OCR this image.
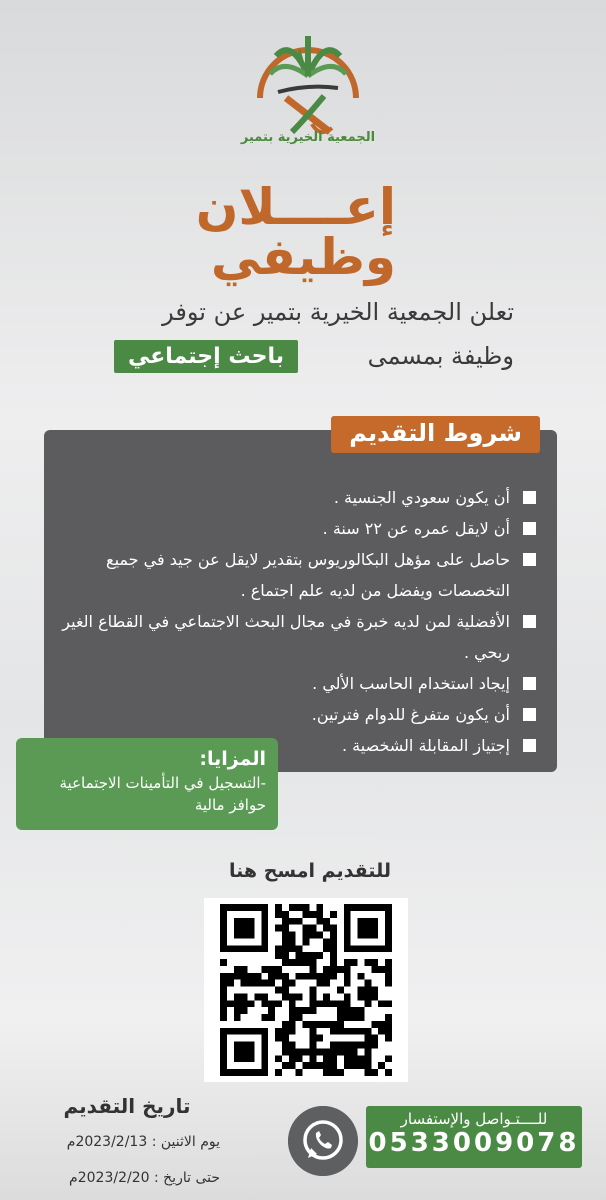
الجمعية الخيرية بتمير
إعــــلان
وظيفي
تعلن الجمعية الخيرية بتمير عن توفر
وظيفة بمسمى
باحث إجتماعي
شروط التقديم
أن يكون سعودي الجنسية .
أن لايقل عمره عن ٢٢ سنة .
حاصل على مؤهل البكالوريوس بتقدير لايقل عن جيد في جميع التخصصات ويفضل من لديه علم اجتماع .
الأفضلية لمن لديه خبرة في مجال البحث الاجتماعي في القطاع الغير ربحي .
إيجاد استخدام الحاسب الألي .
أن يكون متفرغ للدوام فترتين.
إجتياز المقابلة الشخصية .
المزايا:
-التسجيل في التأمينات الاجتماعية
حوافز مالية
للتقديم امسح هنا
تاريخ التقديم
يوم الاثنين : 2023/2/13م
حتى تاريخ : 2023/2/20م
للــــتـواصل والإستفسار
0533009078
